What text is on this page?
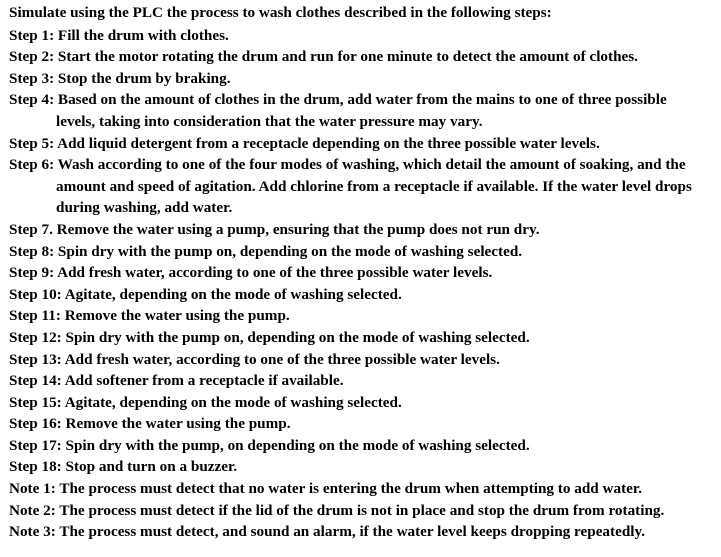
Simulate using the PLC the process to wash clothes described in the following steps:
Step 1: Fill the drum with clothes.
Step 2: Start the motor rotating the drum and run for one minute to detect the amount of clothes.
Step 3: Stop the drum by braking.
Step 4: Based on the amount of clothes in the drum, add water from the mains to one of three possible
levels, taking into consideration that the water pressure may vary.
Step 5: Add liquid detergent from a receptacle depending on the three possible water levels.
Step 6: Wash according to one of the four modes of washing, which detail the amount of soaking, and the
amount and speed of agitation. Add chlorine from a receptacle if available. If the water level drops
during washing, add water.
Step 7. Remove the water using a pump, ensuring that the pump does not run dry.
Step 8: Spin dry with the pump on, depending on the mode of washing selected.
Step 9: Add fresh water, according to one of the three possible water levels.
Step 10: Agitate, depending on the mode of washing selected.
Step 11: Remove the water using the pump.
Step 12: Spin dry with the pump on, depending on the mode of washing selected.
Step 13: Add fresh water, according to one of the three possible water levels.
Step 14: Add softener from a receptacle if available.
Step 15: Agitate, depending on the mode of washing selected.
Step 16: Remove the water using the pump.
Step 17: Spin dry with the pump, on depending on the mode of washing selected.
Step 18: Stop and turn on a buzzer.
Note 1: The process must detect that no water is entering the drum when attempting to add water.
Note 2: The process must detect if the lid of the drum is not in place and stop the drum from rotating.
Note 3: The process must detect, and sound an alarm, if the water level keeps dropping repeatedly.
